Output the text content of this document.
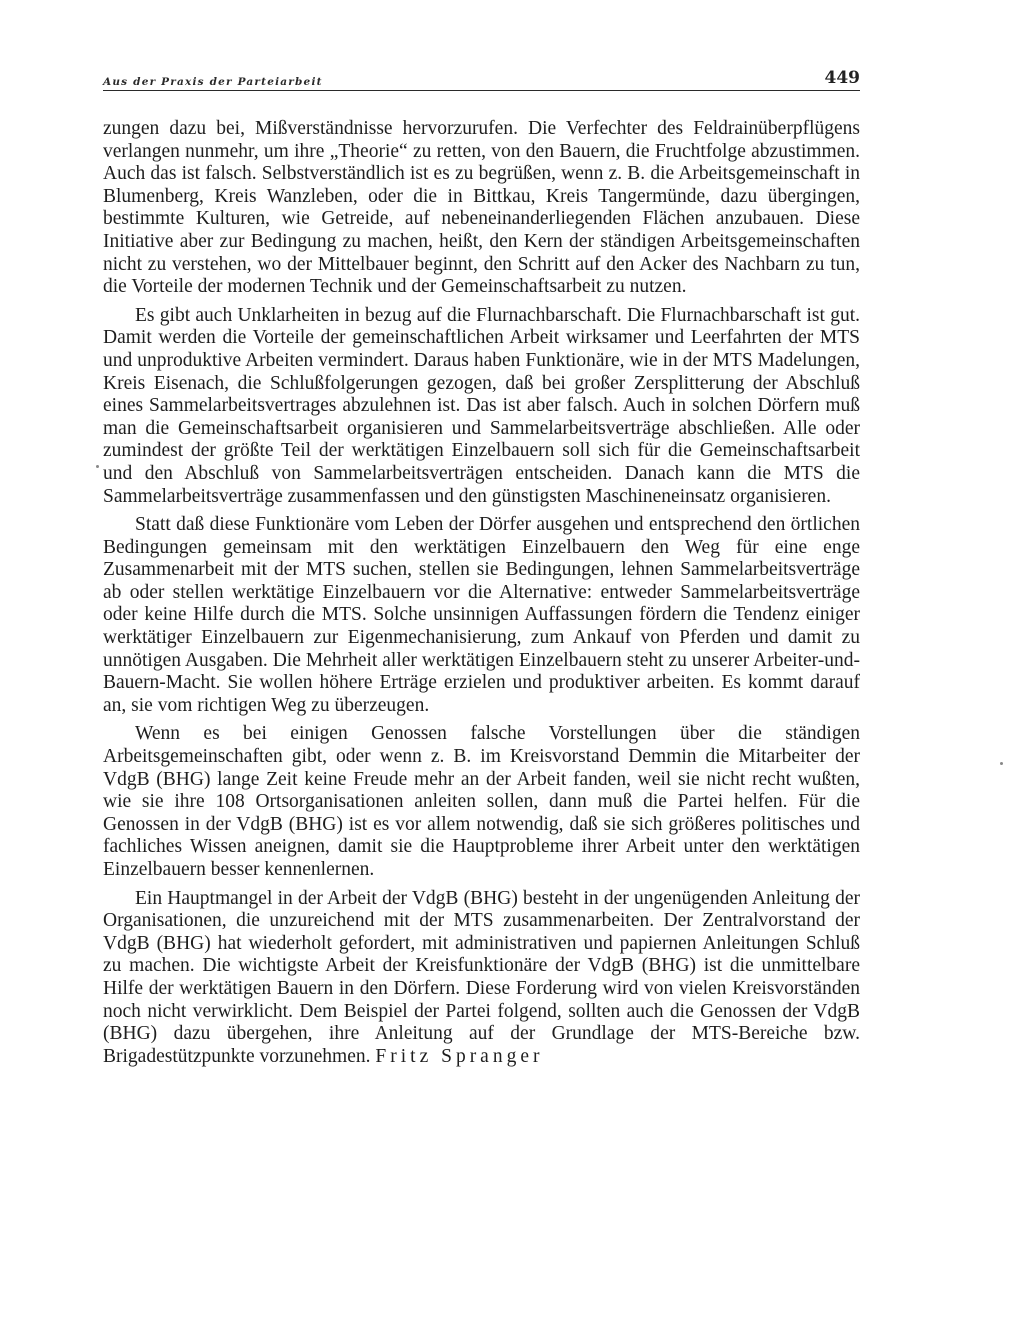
Aus der Praxis der Parteiarbeit	449

zungen dazu bei, Mißverständnisse hervorzurufen. Die Verfechter des Feldrainüberpflügens verlangen nunmehr, um ihre „Theorie“ zu retten, von den Bauern, die Fruchtfolge abzustimmen. Auch das ist falsch. Selbstverständlich ist es zu begrüßen, wenn z. B. die Arbeitsgemeinschaft in Blumenberg, Kreis Wanzleben, oder die in Bittkau, Kreis Tangermünde, dazu übergingen, bestimmte Kulturen, wie Getreide, auf nebeneinanderliegenden Flächen anzubauen. Diese Initiative aber zur Bedingung zu machen, heißt, den Kern der ständigen Arbeitsgemeinschaften nicht zu verstehen, wo der Mittelbauer beginnt, den Schritt auf den Acker des Nachbarn zu tun, die Vorteile der modernen Technik und der Gemeinschaftsarbeit zu nutzen.

Es gibt auch Unklarheiten in bezug auf die Flurnachbarschaft. Die Flurnachbarschaft ist gut. Damit werden die Vorteile der gemeinschaftlichen Arbeit wirksamer und Leerfahrten der MTS und unproduktive Arbeiten vermindert. Daraus haben Funktionäre, wie in der MTS Madelungen, Kreis Eisenach, die Schlußfolgerungen gezogen, daß bei großer Zersplitterung der Abschluß eines Sammelarbeitsvertrages abzulehnen ist. Das ist aber falsch. Auch in solchen Dörfern muß man die Gemeinschaftsarbeit organisieren und Sammelarbeitsverträge abschließen. Alle oder zumindest der größte Teil der werktätigen Einzelbauern soll sich für die Gemeinschaftsarbeit und den Abschluß von Sammelarbeitsverträgen entscheiden. Danach kann die MTS die Sammelarbeitsverträge zusammenfassen und den günstigsten Maschineneinsatz organisieren.

Statt daß diese Funktionäre vom Leben der Dörfer ausgehen und entsprechend den örtlichen Bedingungen gemeinsam mit den werktätigen Einzelbauern den Weg für eine enge Zusammenarbeit mit der MTS suchen, stellen sie Bedingungen, lehnen Sammelarbeitsverträge ab oder stellen werktätige Einzelbauern vor die Alternative: entweder Sammelarbeitsverträge oder keine Hilfe durch die MTS. Solche unsinnigen Auffassungen fördern die Tendenz einiger werktätiger Einzelbauern zur Eigenmechanisierung, zum Ankauf von Pferden und damit zu unnötigen Ausgaben. Die Mehrheit aller werktätigen Einzelbauern steht zu unserer Arbeiter-und-Bauern-Macht. Sie wollen höhere Erträge erzielen und produktiver arbeiten. Es kommt darauf an, sie vom richtigen Weg zu überzeugen.

Wenn es bei einigen Genossen falsche Vorstellungen über die ständigen Arbeitsgemeinschaften gibt, oder wenn z. B. im Kreisvorstand Demmin die Mitarbeiter der VdgB (BHG) lange Zeit keine Freude mehr an der Arbeit fanden, weil sie nicht recht wußten, wie sie ihre 108 Ortsorganisationen anleiten sollen, dann muß die Partei helfen. Für die Genossen in der VdgB (BHG) ist es vor allem notwendig, daß sie sich größeres politisches und fachliches Wissen aneignen, damit sie die Hauptprobleme ihrer Arbeit unter den werktätigen Einzelbauern besser kennenlernen.

Ein Hauptmangel in der Arbeit der VdgB (BHG) besteht in der ungenügenden Anleitung der Organisationen, die unzureichend mit der MTS zusammenarbeiten. Der Zentralvorstand der VdgB (BHG) hat wiederholt gefordert, mit administrativen und papiernen Anleitungen Schluß zu machen. Die wichtigste Arbeit der Kreisfunktionäre der VdgB (BHG) ist die unmittelbare Hilfe der werktätigen Bauern in den Dörfern. Diese Forderung wird von vielen Kreisvorständen noch nicht verwirklicht. Dem Beispiel der Partei folgend, sollten auch die Genossen der VdgB (BHG) dazu übergehen, ihre Anleitung auf der Grundlage der MTS-Bereiche bzw. Brigadestützpunkte vorzunehmen. Fritz Spranger
